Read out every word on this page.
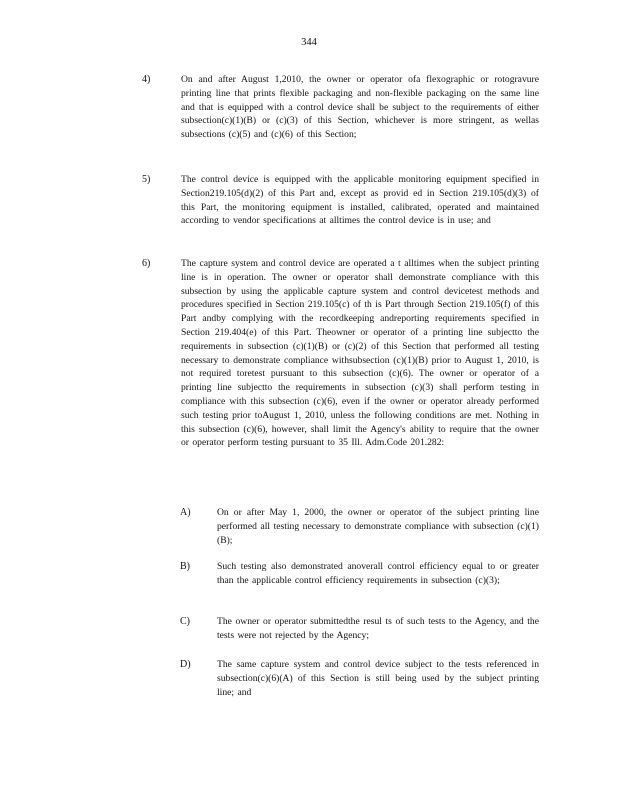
344
4)	On and after August 1,2010, the owner or operator ofa flexographic or rotogravure printing line that prints flexible packaging and non-flexible packaging on the same line and that is equipped with a control device shall be subject to the requirements of either subsection(c)(1)(B) or (c)(3) of this Section, whichever is more stringent, as wellas subsections (c)(5) and (c)(6) of this Section;
5)	The control device is equipped with the applicable monitoring equipment specified in Section219.105(d)(2) of this Part and, except as provid ed in Section 219.105(d)(3) of this Part, the monitoring equipment is installed, calibrated, operated and maintained according to vendor specifications at alltimes the control device is in use; and
6)	The capture system and control device are operated a t alltimes when the subject printing line is in operation. The owner or operator shall demonstrate compliance with this subsection by using the applicable capture system and control devicetest methods and procedures specified in Section 219.105(c) of th is Part through Section 219.105(f) of this Part andby complying with the recordkeeping andreporting requirements specified in Section 219.404(e) of this Part. Theowner or operator of a printing line subjectto the requirements in subsection (c)(1)(B) or (c)(2) of this Section that performed all testing necessary to demonstrate compliance withsubsection (c)(1)(B) prior to August 1, 2010, is not required toretest pursuant to this subsection (c)(6). The owner or operator of a printing line subjectto the requirements in subsection (c)(3) shall perform testing in compliance with this subsection (c)(6), even if the owner or operator already performed such testing prior toAugust 1, 2010, unless the following conditions are met. Nothing in this subsection (c)(6), however, shall limit the Agency's ability to require that the owner or operator perform testing pursuant to 35 Ill. Adm.Code 201.282:
A)	On or after May 1, 2000, the owner or operator of the subject printing line performed all testing necessary to demonstrate compliance with subsection (c)(1)(B);
B)	Such testing also demonstrated anoverall control efficiency equal to or greater than the applicable control efficiency requirements in subsection (c)(3);
C)	The owner or operator submittedthe resul ts of such tests to the Agency, and the tests were not rejected by the Agency;
D)	The same capture system and control device subject to the tests referenced in subsection(c)(6)(A) of this Section is still being used by the subject printing line; and
